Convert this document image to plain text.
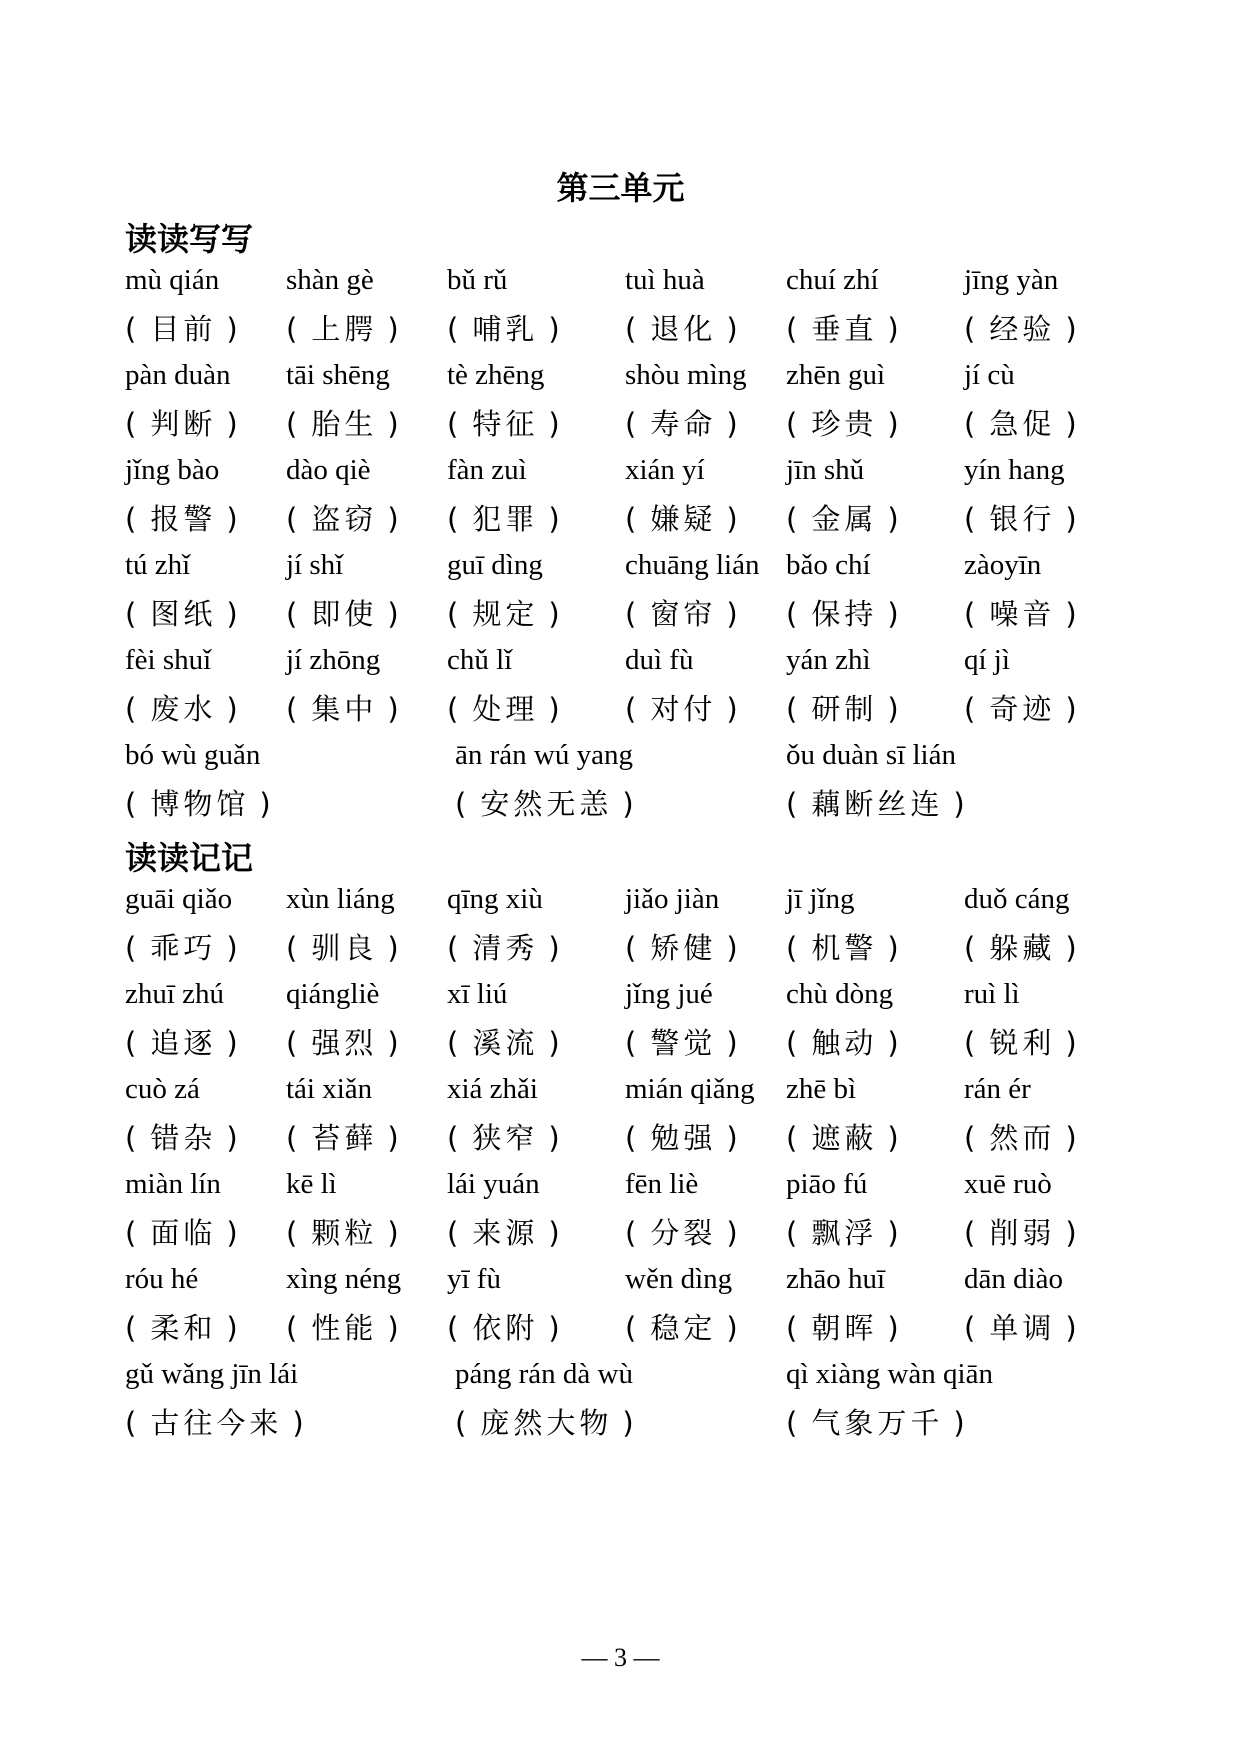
第三单元
读读写写
读读记记
mù qián
( 目前 )
shàn gè
( 上腭 )
bǔ rǔ
( 哺乳 )
tuì huà
( 退化 )
chuí zhí
( 垂直 )
jīng yàn
( 经验 )
pàn duàn
( 判断 )
tāi shēng
( 胎生 )
tè zhēng
( 特征 )
shòu mìng
( 寿命 )
zhēn guì
( 珍贵 )
jí cù
( 急促 )
jǐng bào
( 报警 )
dào qiè
( 盗窃 )
fàn zuì
( 犯罪 )
xián yí
( 嫌疑 )
jīn shǔ
( 金属 )
yín hang
( 银行 )
tú zhǐ
( 图纸 )
jí shǐ
( 即使 )
guī dìng
( 规定 )
chuāng lián
( 窗帘 )
bǎo chí
( 保持 )
zàoyīn
( 噪音 )
fèi shuǐ
( 废水 )
jí zhōng
( 集中 )
chǔ lǐ
( 处理 )
duì fù
( 对付 )
yán zhì
( 研制 )
qí jì
( 奇迹 )
bó wù guǎn
( 博物馆 )
ān rán wú yang
( 安然无恙 )
ǒu duàn sī lián
( 藕断丝连 )
guāi qiǎo
( 乖巧 )
xùn liáng
( 驯良 )
qīng xiù
( 清秀 )
jiǎo jiàn
( 矫健 )
jī jǐng
( 机警 )
duǒ cáng
( 躲藏 )
zhuī zhú
( 追逐 )
qiángliè
( 强烈 )
xī liú
( 溪流 )
jǐng jué
( 警觉 )
chù dòng
( 触动 )
ruì lì
( 锐利 )
cuò zá
( 错杂 )
tái xiǎn
( 苔藓 )
xiá zhǎi
( 狭窄 )
mián qiǎng
( 勉强 )
zhē bì
( 遮蔽 )
rán ér
( 然而 )
miàn lín
( 面临 )
kē lì
( 颗粒 )
lái yuán
( 来源 )
fēn liè
( 分裂 )
piāo fú
( 飘浮 )
xuē ruò
( 削弱 )
róu hé
( 柔和 )
xìng néng
( 性能 )
yī fù
( 依附 )
wěn dìng
( 稳定 )
zhāo huī
( 朝晖 )
dān diào
( 单调 )
gǔ wǎng jīn lái
( 古往今来 )
páng rán dà wù
( 庞然大物 )
qì xiàng wàn qiān
( 气象万千 )
— 3 —
